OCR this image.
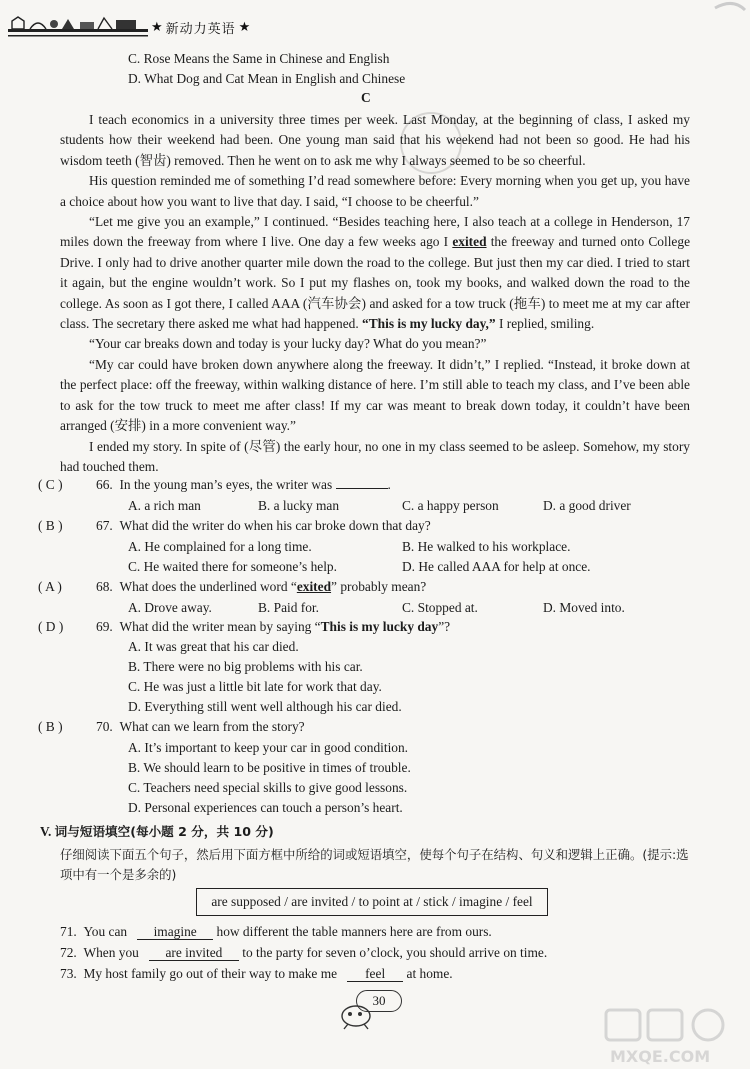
★ 新动力英语 ★
C. Rose Means the Same in Chinese and English
D. What Dog and Cat Mean in English and Chinese
C

I teach economics in a university three times per week. Last Monday, at the beginning of class, I asked my students how their weekend had been. One young man said that his weekend had not been so good. He had his wisdom teeth (智齿) removed. Then he went on to ask me why I always seemed to be so cheerful.

His question reminded me of something I’d read somewhere before: Every morning when you get up, you have a choice about how you want to live that day. I said, “I choose to be cheerful.”

“Let me give you an example,” I continued. “Besides teaching here, I also teach at a college in Henderson, 17 miles down the freeway from where I live. One day a few weeks ago I exited the freeway and turned onto College Drive. I only had to drive another quarter mile down the road to the college. But just then my car died. I tried to start it again, but the engine wouldn’t work. So I put my flashes on, took my books, and walked down the road to the college. As soon as I got there, I called AAA (汽车协会) and asked for a tow truck (拖车) to meet me at my car after class. The secretary there asked me what had happened. “This is my lucky day,” I replied, smiling.

“Your car breaks down and today is your lucky day? What do you mean?”

“My car could have broken down anywhere along the freeway. It didn’t,” I replied. “Instead, it broke down at the perfect place: off the freeway, within walking distance of here. I’m still able to teach my class, and I’ve been able to ask for the tow truck to meet me after class! If my car was meant to break down today, it couldn’t have been arranged (安排) in a more convenient way.”

I ended my story. In spite of (尽管) the early hour, no one in my class seemed to be asleep. Somehow, my story had touched them.

( C ) 66. In the young man’s eyes, the writer was	.
A. a rich man	B. a lucky man	C. a happy person	D. a good driver
( B ) 67. What did the writer do when his car broke down that day?
A. He complained for a long time.	B. He walked to his workplace.
C. He waited there for someone’s help.	D. He called AAA for help at once.
( A )	68. What does the underlined word “exited” probably mean?
A. Drove away.	B. Paid for.	C. Stopped at.	D. Moved into.
( D ) 69. What did the writer mean by saying “This is my lucky day”?
A. It was great that his car died.
B. There were no big problems with his car.
C. He was just a little bit late for work that day.
D. Everything still went well although his car died.
( B ) 70. What can we learn from the story?
A. It’s important to keep your car in good condition.
B. We should learn to be positive in times of trouble.
C. Teachers need special skills to give good lessons.
D. Personal experiences can touch a person’s heart.
V. 词与短语填空(每小题 2 分，共 10 分)
仔细阅读下面五个句子，然后用下面方框中所给的词或短语填空，使每个句子在结构、句义和逻辑上正确。(提示:选项中有一个是多余的)
are supposed / are invited / to point at / stick / imagine / feel
71. You can imagine how different the table manners here are from ours.
72. When you are invited to the party for seven o’clock, you should arrive on time.
73. My host family go out of their way to make me feel at home.
30
MXQE.COM
